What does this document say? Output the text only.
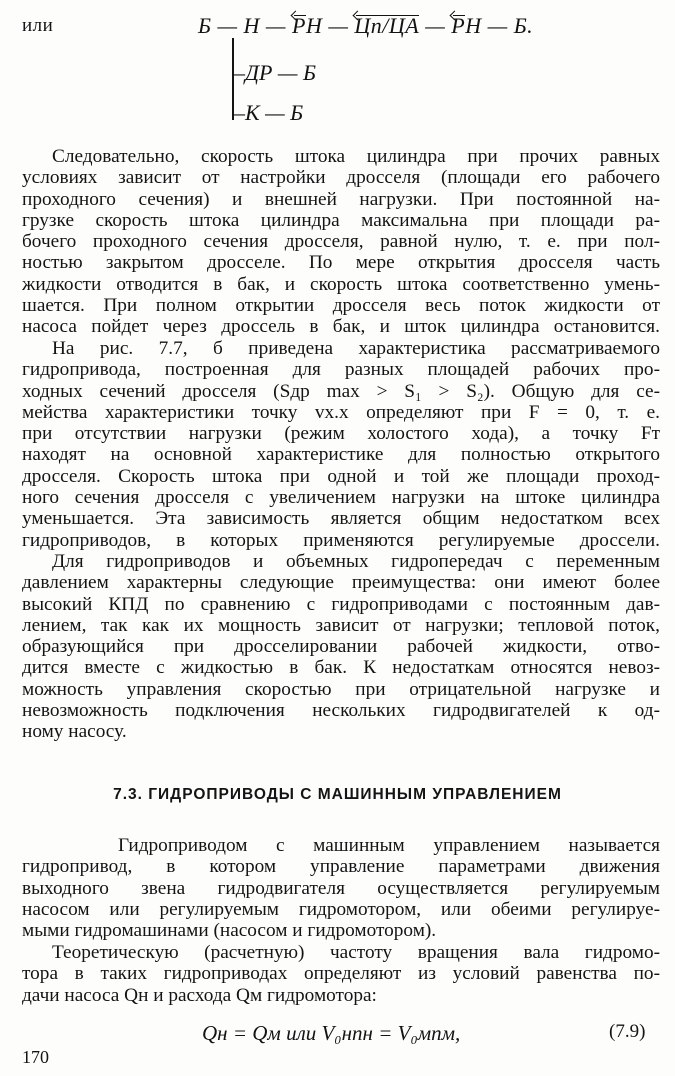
или	Б — Н — РН — Цп/ЦА — РН — Б.
–ДР — Б
–К — Б
Следовательно, скорость штока цилиндра при прочих равных
условиях зависит от настройки дросселя (площади его рабочего
проходного сечения) и внешней нагрузки. При постоянной на-
грузке скорость штока цилиндра максимальна при площади ра-
бочего проходного сечения дросселя, равной нулю, т. е. при пол-
ностью закрытом дросселе. По мере открытия дросселя часть
жидкости отводится в бак, и скорость штока соответственно умень-
шается. При полном открытии дросселя весь поток жидкости от
насоса пойдет через дроссель в бак, и шток цилиндра остановится.
На рис. 7.7, б приведена характеристика рассматриваемого
гидропривода, построенная для разных площадей рабочих про-
ходных сечений дросселя (Sдр max > S₁ > S₂). Общую для се-
мейства характеристики точку vх.х определяют при F = 0, т. е.
при отсутствии нагрузки (режим холостого хода), а точку Fт
находят на основной характеристике для полностью открытого
дросселя. Скорость штока при одной и той же площади проход-
ного сечения дросселя с увеличением нагрузки на штоке цилиндра
уменьшается. Эта зависимость является общим недостатком всех
гидроприводов, в которых применяются регулируемые дроссели.
Для гидроприводов и объемных гидропередач с переменным
давлением характерны следующие преимущества: они имеют более
высокий КПД по сравнению с гидроприводами с постоянным дав-
лением, так как их мощность зависит от нагрузки; тепловой поток,
образующийся при дросселировании рабочей жидкости, отво-
дится вместе с жидкостью в бак. К недостаткам относятся невоз-
можность управления скоростью при отрицательной нагрузке и
невозможность подключения нескольких гидродвигателей к од-
ному насосу.
7.3. ГИДРОПРИВОДЫ С МАШИННЫМ УПРАВЛЕНИЕМ
Гидроприводом с машинным управлением называется
гидропривод, в котором управление параметрами движения
выходного звена гидродвигателя осуществляется регулируемым
насосом или регулируемым гидромотором, или обеими регулируе-
мыми гидромашинами (насосом и гидромотором).
Теоретическую (расчетную) частоту вращения вала гидромо-
тора в таких гидроприводах определяют из условий равенства по-
дачи насоса Qн и расхода Qм гидромотора:
Qн = Qм или V₀нnн = V₀мnм,	(7.9)
170
